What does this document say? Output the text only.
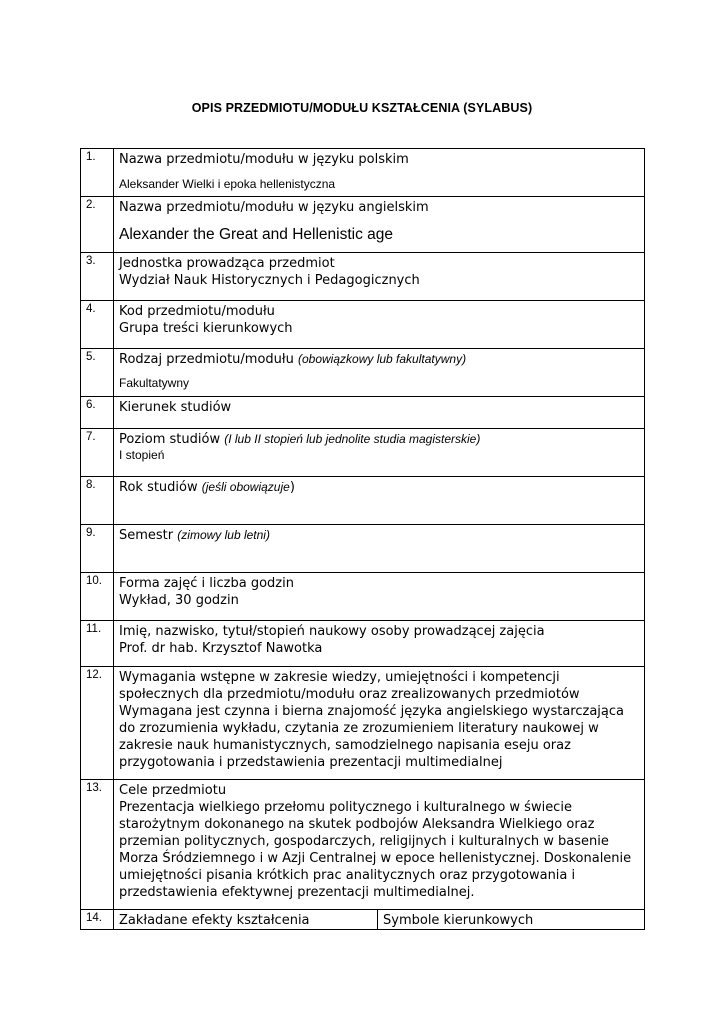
OPIS PRZEDMIOTU/MODUŁU KSZTAŁCENIA (SYLABUS)
1.	Nazwa przedmiotu/modułu w języku polskim
Aleksander Wielki i epoka hellenistyczna	

2.	Nazwa przedmiotu/modułu w języku angielskim
Alexander the Great and Hellenistic age	

3.	Jednostka prowadząca przedmiot
Wydział Nauk Historycznych i Pedagogicznych	

4.	Kod przedmiotu/modułu
Grupa treści kierunkowych	

5.	Rodzaj przedmiotu/modułu (obowiązkowy lub fakultatywny)
Fakultatywny	

6.	Kierunek studiów	

7.	Poziom studiów (I lub II stopień lub jednolite studia magisterskie)
I stopień	

8.	Rok studiów (jeśli obowiązuje)	

9.	Semestr (zimowy lub letni)	

10.	Forma zajęć i liczba godzin
Wykład, 30 godzin	

11.	Imię, nazwisko, tytuł/stopień naukowy osoby prowadzącej zajęcia
Prof. dr hab. Krzysztof Nawotka	

12.	Wymagania wstępne w zakresie wiedzy, umiejętności i kompetencji społecznych dla przedmiotu/modułu oraz zrealizowanych przedmiotów Wymagana jest czynna i bierna znajomość języka angielskiego wystarczająca do zrozumienia wykładu, czytania ze zrozumieniem literatury naukowej w zakresie nauk humanistycznych, samodzielnego napisania eseju oraz przygotowania i przedstawienia prezentacji multimedialnej	

13.	Cele przedmiotu
Prezentacja wielkiego przełomu politycznego i kulturalnego w świecie starożytnym dokonanego na skutek podbojów Aleksandra Wielkiego oraz przemian politycznych, gospodarczych, religijnych i kulturalnych w basenie Morza Śródziemnego i w Azji Centralnej w epoce hellenistycznej. Doskonalenie umiejętności pisania krótkich prac analitycznych oraz przygotowania i przedstawienia efektywnej prezentacji multimedialnej.	

14.	Zakładane efekty kształcenia	Symbole kierunkowych
